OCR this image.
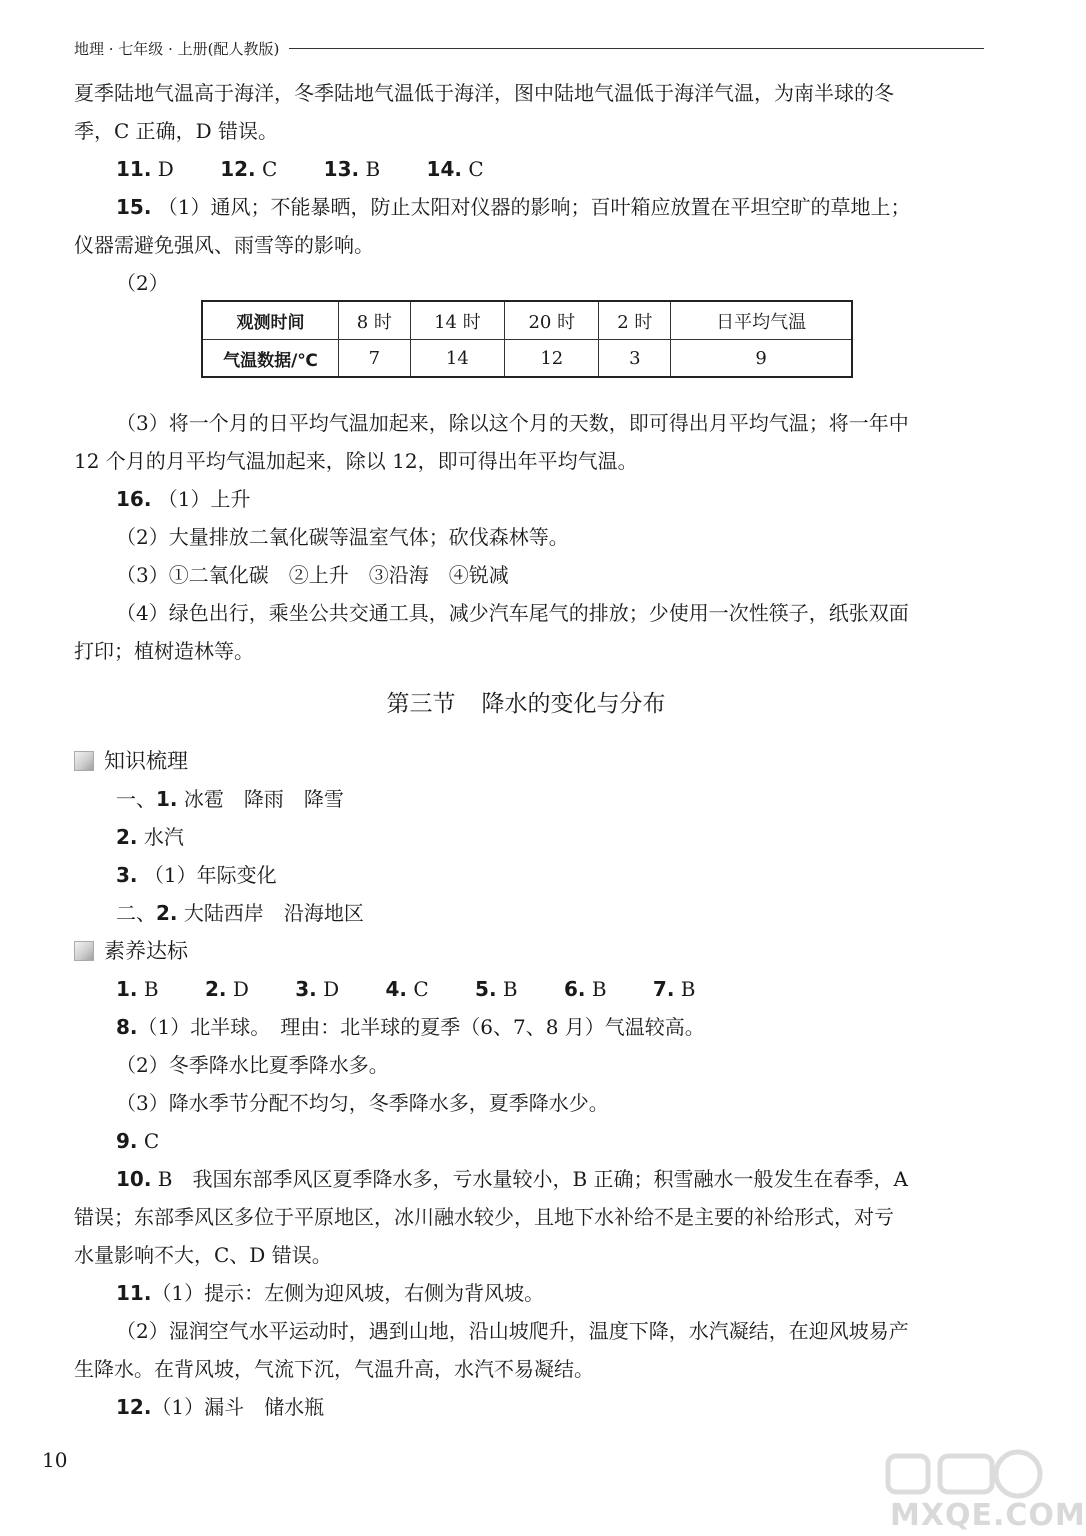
地理 · 七年级 · 上册(配人教版)

夏季陆地气温高于海洋，冬季陆地气温低于海洋，图中陆地气温低于海洋气温，为南半球的冬

季，C 正确，D 错误。

11. D 12. C 13. B 14. C

15. （1）通风；不能暴晒，防止太阳对仪器的影响；百叶箱应放置在平坦空旷的草地上；

仪器需避免强风、雨雪等的影响。

（2）

观测时间	8 时	14 时	20 时	2 时	日平均气温
气温数据/℃	7	14	12	3	9

（3）将一个月的日平均气温加起来，除以这个月的天数，即可得出月平均气温；将一年中

12 个月的月平均气温加起来，除以 12，即可得出年平均气温。

16. （1）上升

（2）大量排放二氧化碳等温室气体；砍伐森林等。

（3）①二氧化碳　②上升　③沿海　④锐减

（4）绿色出行，乘坐公共交通工具，减少汽车尾气的排放；少使用一次性筷子，纸张双面

打印；植树造林等。

第三节 降水的变化与分布
知识梳理

一、1. 冰雹　降雨　降雪

2. 水汽

3. （1）年际变化

二、2. 大陆西岸　沿海地区

素养达标

1. B 2. D 3. D 4. C 5. B 6. B 7. B

8.（1）北半球。　理由：北半球的夏季（6、7、8 月）气温较高。

（2）冬季降水比夏季降水多。

（3）降水季节分配不均匀，冬季降水多，夏季降水少。

9. C

10. B　我国东部季风区夏季降水多，亏水量较小，B 正确；积雪融水一般发生在春季，A

错误；东部季风区多位于平原地区，冰川融水较少，且地下水补给不是主要的补给形式，对亏

水量影响不大，C、D 错误。

11.（1）提示：左侧为迎风坡，右侧为背风坡。

（2）湿润空气水平运动时，遇到山地，沿山坡爬升，温度下降，水汽凝结，在迎风坡易产

生降水。在背风坡，气流下沉，气温升高，水汽不易凝结。

12.（1）漏斗　储水瓶

10
MXQE.COM
